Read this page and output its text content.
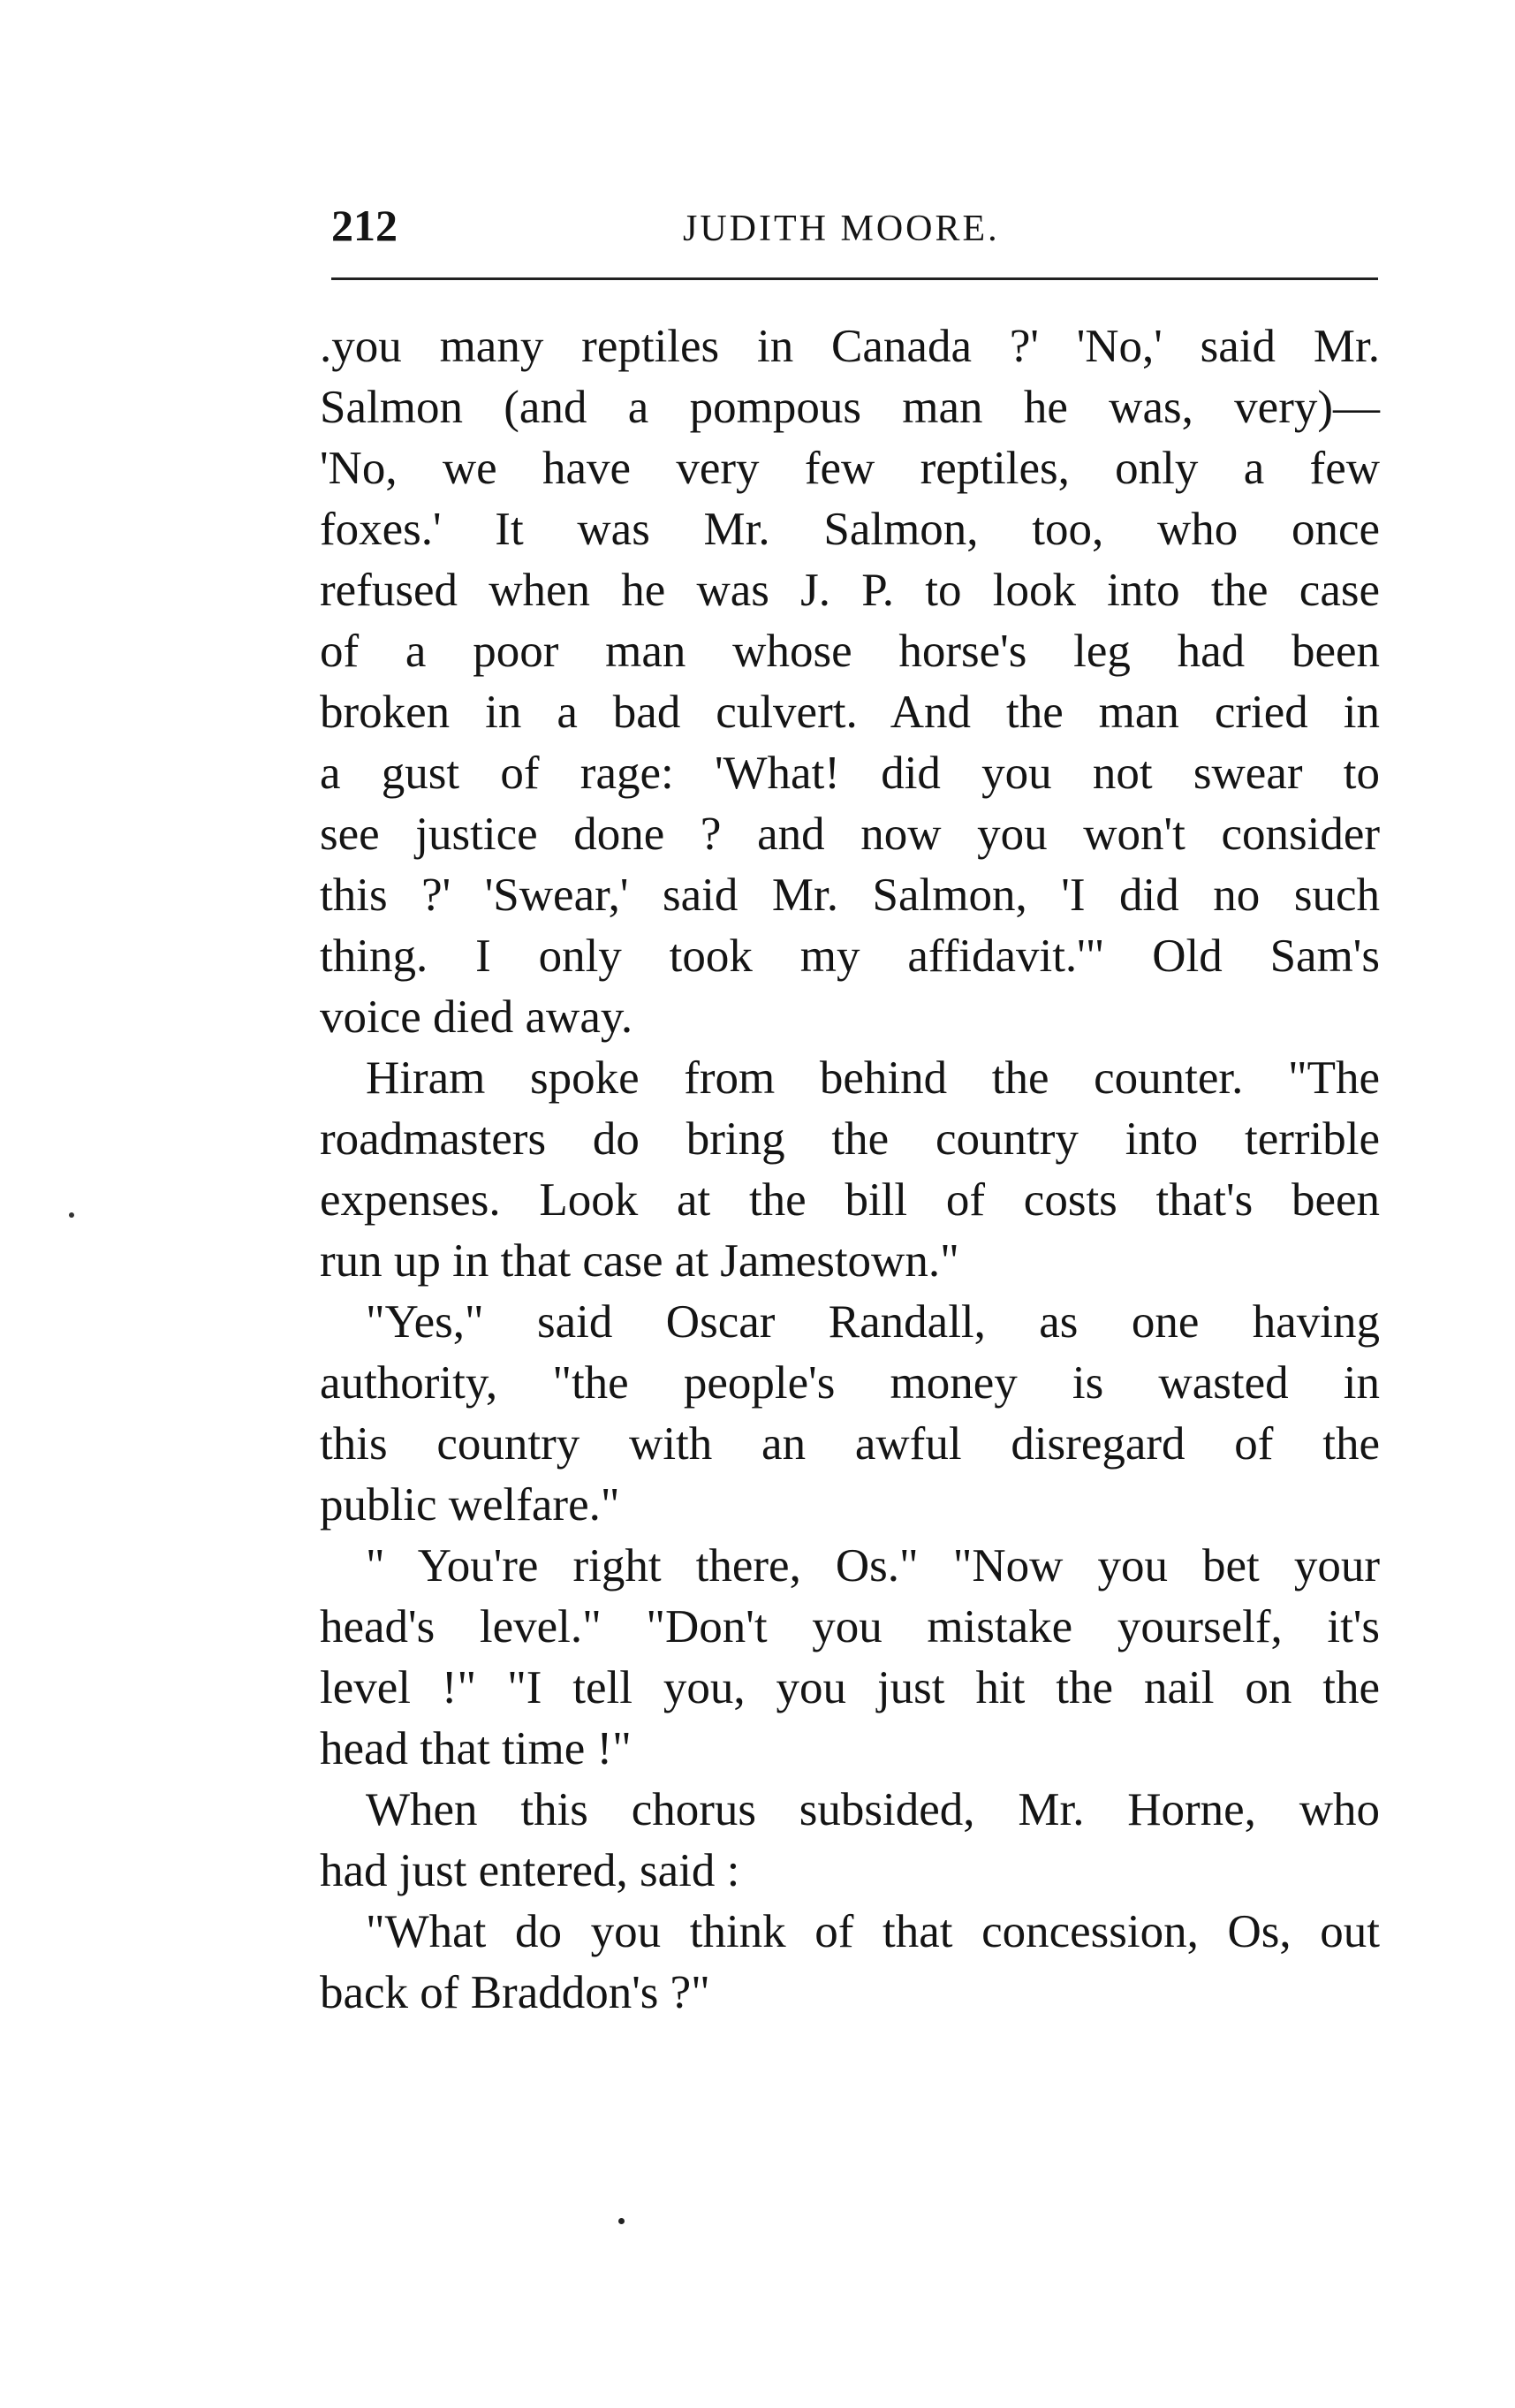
212	JUDITH MOORE.
.you many reptiles in Canada ?' 'No,' said Mr.
Salmon (and a pompous man he was, very)—
'No, we have very few reptiles, only a few
foxes.' It was Mr. Salmon, too, who once
refused when he was J. P. to look into the case
of a poor man whose horse's leg had been
broken in a bad culvert. And the man cried in
a gust of rage: 'What! did you not swear to
see justice done ? and now you won't consider
this ?' 'Swear,' said Mr. Salmon, 'I did no such
thing. I only took my affidavit.'" Old Sam's
voice died away.
Hiram spoke from behind the counter. "The
roadmasters do bring the country into terrible
expenses. Look at the bill of costs that's been
run up in that case at Jamestown."
"Yes," said Oscar Randall, as one having
authority, "the people's money is wasted in
this country with an awful disregard of the
public welfare."
" You're right there, Os." "Now you bet your
head's level." "Don't you mistake yourself, it's
level !" "I tell you, you just hit the nail on the
head that time !"
When this chorus subsided, Mr. Horne, who
had just entered, said :
"What do you think of that concession, Os, out
back of Braddon's ?"
